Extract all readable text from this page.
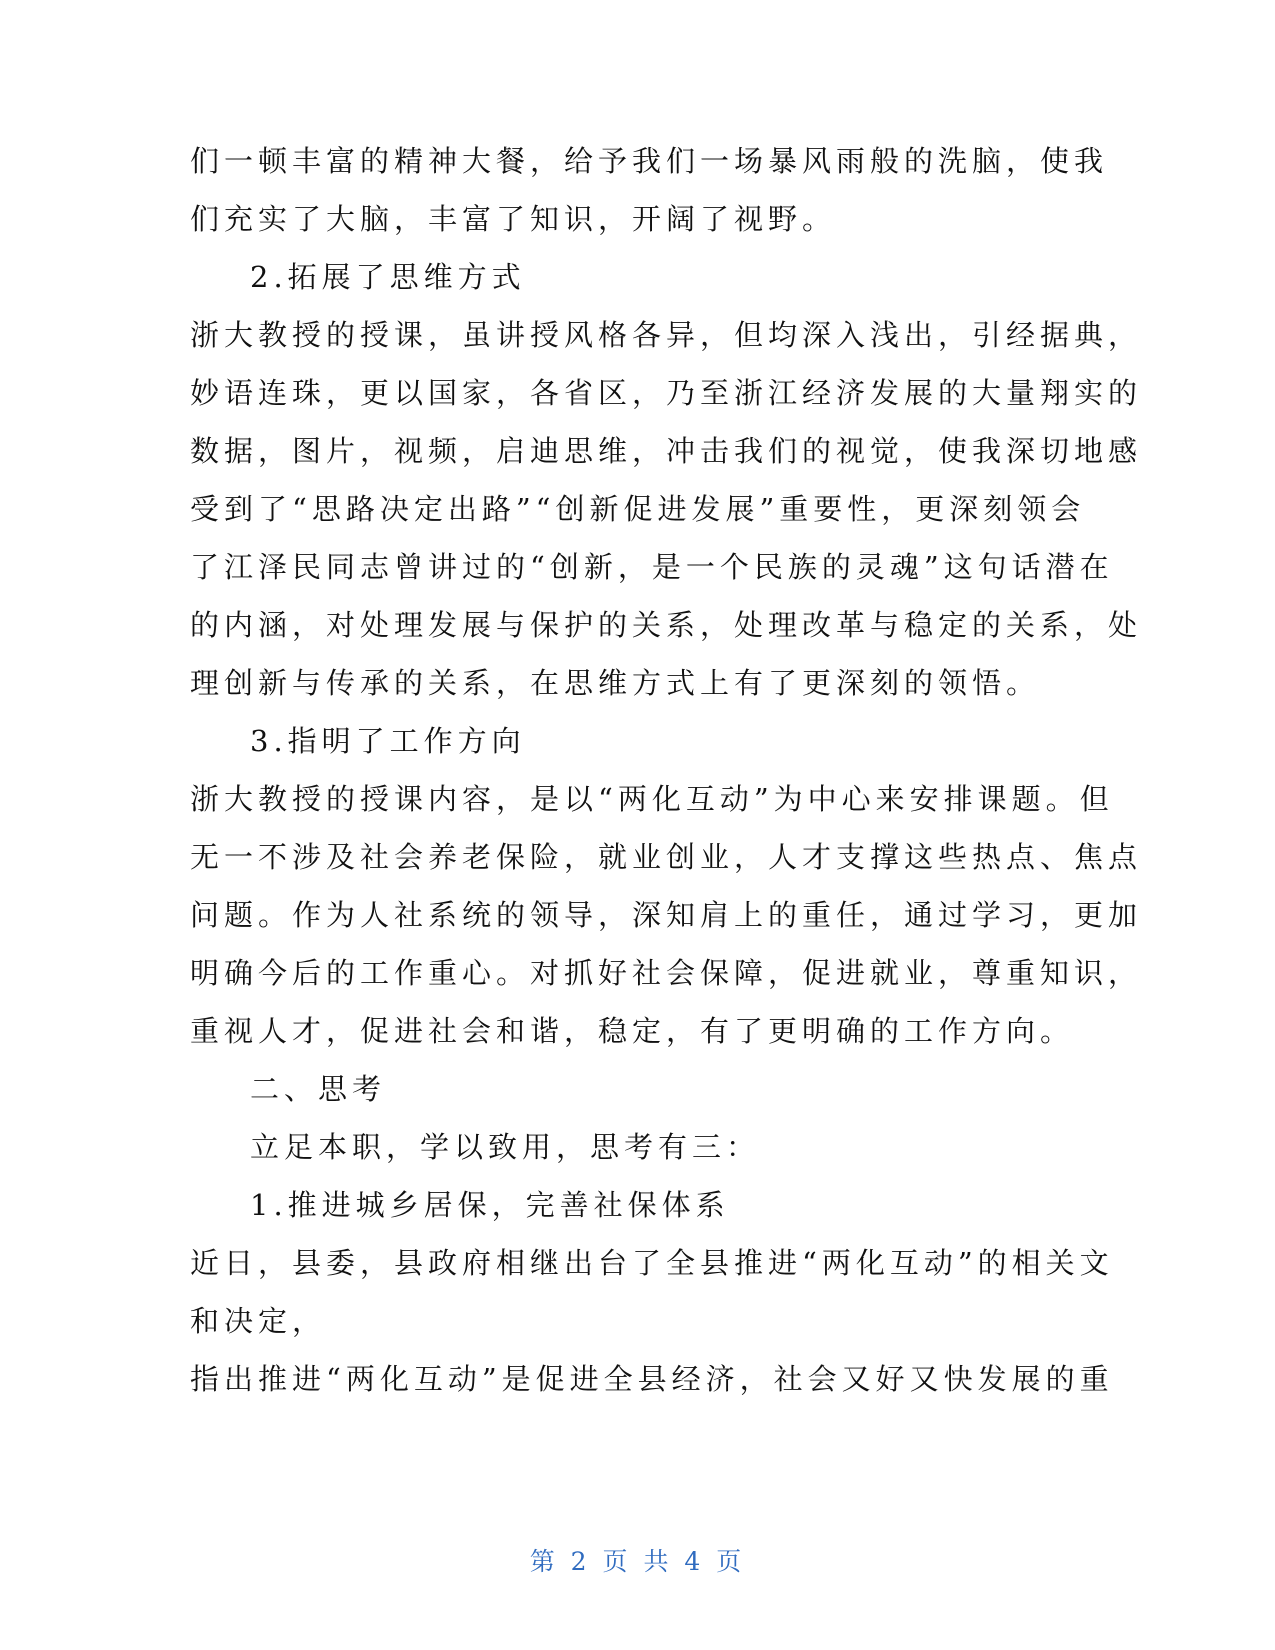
们一顿丰富的精神大餐，给予我们一场暴风雨般的洗脑，使我
们充实了大脑，丰富了知识，开阔了视野。
2.拓展了思维方式
浙大教授的授课，虽讲授风格各异，但均深入浅出，引经据典，
妙语连珠，更以国家，各省区，乃至浙江经济发展的大量翔实的
数据，图片，视频，启迪思维，冲击我们的视觉，使我深切地感
受到了“思路决定出路”“创新促进发展”重要性，更深刻领会
了江泽民同志曾讲过的“创新，是一个民族的灵魂”这句话潜在
的内涵，对处理发展与保护的关系，处理改革与稳定的关系，处
理创新与传承的关系，在思维方式上有了更深刻的领悟。
3.指明了工作方向
浙大教授的授课内容，是以“两化互动”为中心来安排课题。但
无一不涉及社会养老保险，就业创业，人才支撑这些热点、焦点
问题。作为人社系统的领导，深知肩上的重任，通过学习，更加
明确今后的工作重心。对抓好社会保障，促进就业，尊重知识，
重视人才，促进社会和谐，稳定，有了更明确的工作方向。
二、思考
立足本职，学以致用，思考有三：
1.推进城乡居保，完善社保体系
近日，县委，县政府相继出台了全县推进“两化互动”的相关文
和决定，
指出推进“两化互动”是促进全县经济，社会又好又快发展的重
第 2 页 共 4 页
